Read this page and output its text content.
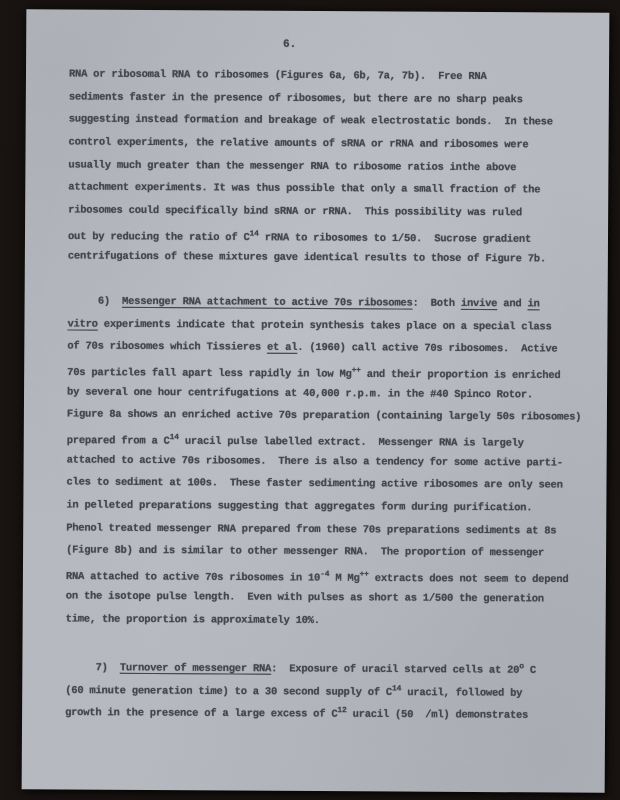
6.
RNA or ribosomal RNA to ribosomes (Figures 6a, 6b, 7a, 7b).  Free RNA
sediments faster in the presence of ribosomes, but there are no sharp peaks
suggesting instead formation and breakage of weak electrostatic bonds.  In these
control experiments, the relative amounts of sRNA or rRNA and ribosomes were
usually much greater than the messenger RNA to ribosome ratios inthe above
attachment experiments. It was thus possible that only a small fraction of the
ribosomes could specifically bind sRNA or rRNA.  This possibility was ruled
out by reducing the ratio of $C^{14}$ rRNA to ribosomes to 1/50.  Sucrose gradient
centrifugations of these mixtures gave identical results to those of Figure 7b.
6)  Messenger RNA attachment to active 70s ribosomes:  Both invive and in
vitro experiments indicate that protein synthesis takes place on a special class
of 70s ribosomes which Tissieres et al. (1960) call active 70s ribosomes.  Active
70s particles fall apart less rapidly in low Mg++ and their proportion is enriched
by several one hour centrifugations at 40,000 r.p.m. in the #40 Spinco Rotor.
Figure 8a shows an enriched active 70s preparation (containing largely 50s ribosomes)
prepared from a $C^{14}$ uracil pulse labelled extract.  Messenger RNA is largely
attached to active 70s ribosomes.  There is also a tendency for some active parti-
cles to sediment at 100s.  These faster sedimenting active ribosomes are only seen
in pelleted preparations suggesting that aggregates form during purification.
Phenol treated messenger RNA prepared from these 70s preparations sediments at 8s
(Figure 8b) and is similar to other messenger RNA.  The proportion of messenger
RNA attached to active 70s ribosomes in $10^{-4}$ M Mg++ extracts does not seem to depend
on the isotope pulse length.  Even with pulses as short as 1/500 the generation
time, the proportion is approximately 10%.
7)  Turnover of messenger RNA:  Exposure of uracil starved cells at 20$^o$ C
(60 minute generation time) to a 30 second supply of $C^{14}$ uracil, followed by
growth in the presence of a large excess of $C^{12}$ uracil (50  /ml) demonstrates
